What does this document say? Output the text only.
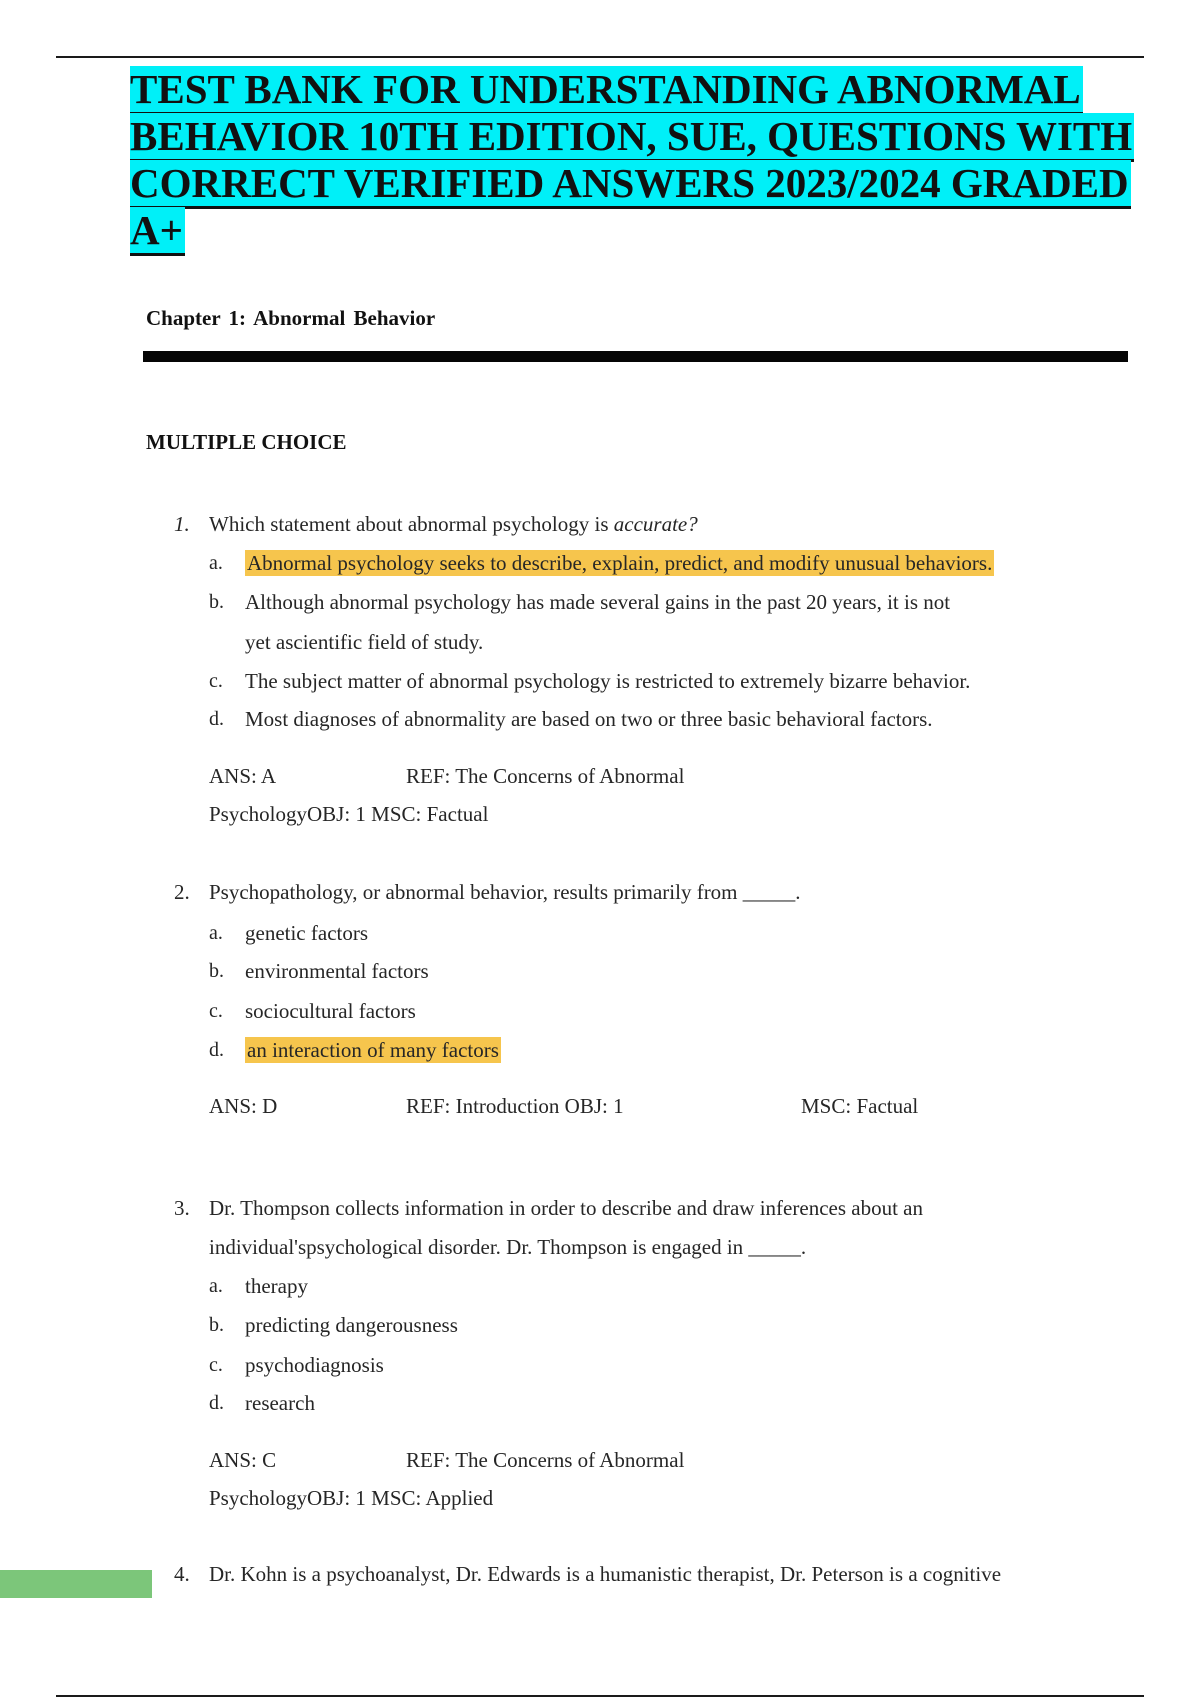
TEST BANK FOR UNDERSTANDING ABNORMAL
BEHAVIOR 10TH EDITION, SUE, QUESTIONS WITH
CORRECT VERIFIED ANSWERS 2023/2024 GRADED
A+
Chapter 1: Abnormal Behavior
MULTIPLE CHOICE
1. Which statement about abnormal psychology is accurate?
a. Abnormal psychology seeks to describe, explain, predict, and modify unusual behaviors.
b. Although abnormal psychology has made several gains in the past 20 years, it is not
yet ascientific field of study.
c. The subject matter of abnormal psychology is restricted to extremely bizarre behavior.
d. Most diagnoses of abnormality are based on two or three basic behavioral factors.
ANS: A	REF: The Concerns of Abnormal
PsychologyOBJ: 1 MSC: Factual
2. Psychopathology, or abnormal behavior, results primarily from _____.
a. genetic factors
b. environmental factors
c. sociocultural factors
d. an interaction of many factors
ANS: D	REF: Introduction OBJ: 1	MSC: Factual
3. Dr. Thompson collects information in order to describe and draw inferences about an
individual'spsychological disorder. Dr. Thompson is engaged in _____.
a. therapy
b. predicting dangerousness
c. psychodiagnosis
d. research
ANS: C	REF: The Concerns of Abnormal
PsychologyOBJ: 1 MSC: Applied
4. Dr. Kohn is a psychoanalyst, Dr. Edwards is a humanistic therapist, Dr. Peterson is a cognitive
